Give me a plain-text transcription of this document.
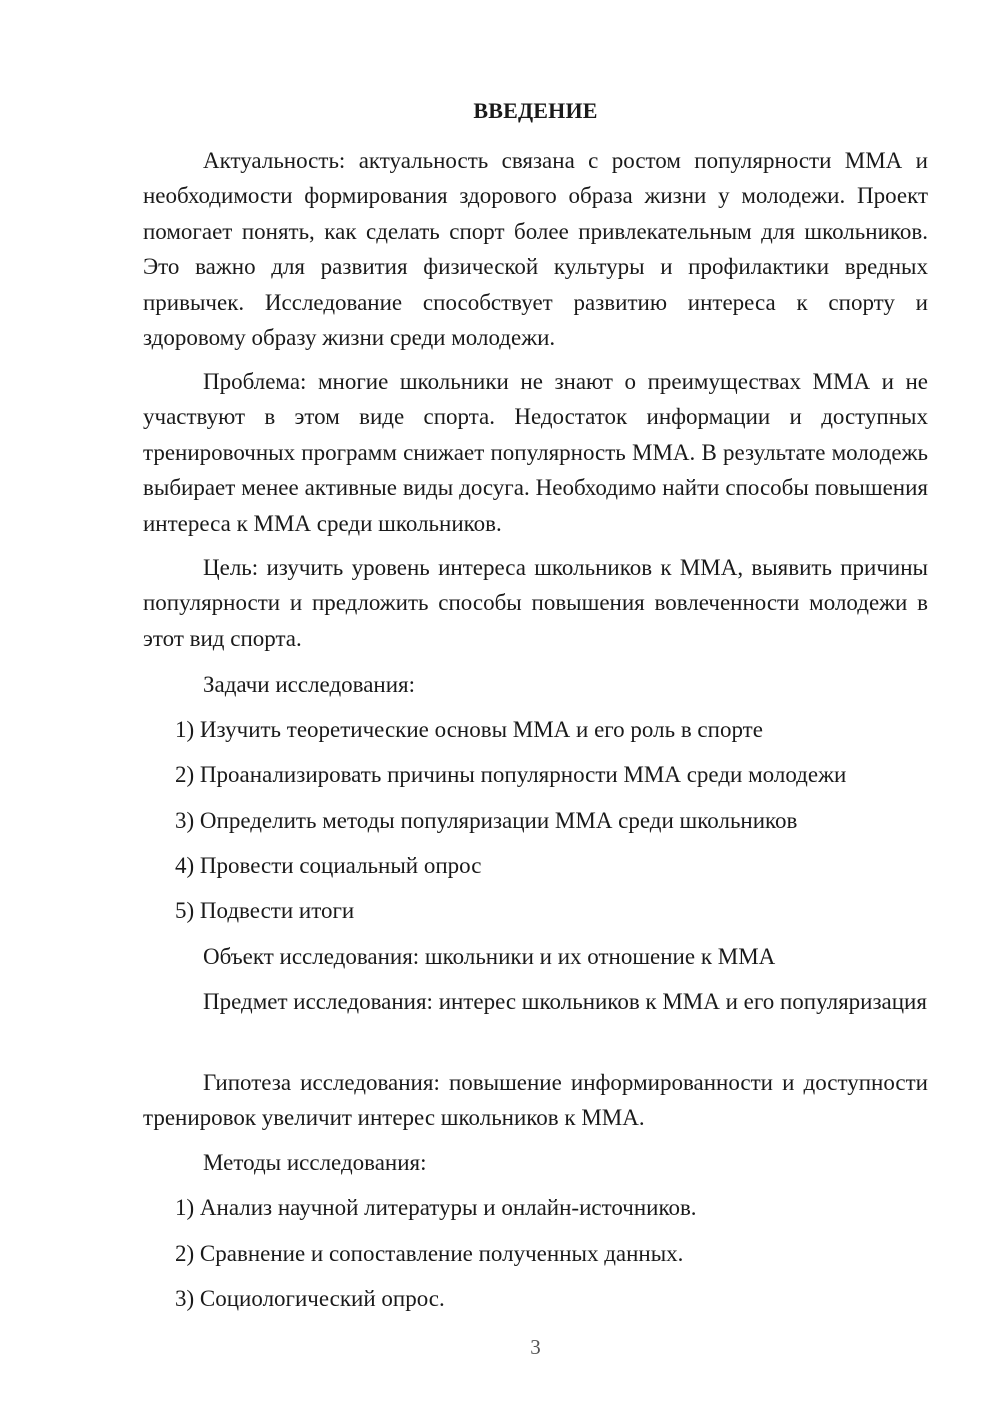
ВВЕДЕНИЕ

Актуальность: актуальность связана с ростом популярности ММА и необходимости формирования здорового образа жизни у молодежи. Проект помогает понять, как сделать спорт более привлекательным для школьников. Это важно для развития физической культуры и профилактики вредных привычек. Исследование способствует развитию интереса к спорту и здоровому образу жизни среди молодежи.

Проблема: многие школьники не знают о преимуществах ММА и не участвуют в этом виде спорта. Недостаток информации и доступных тренировочных программ снижает популярность ММА. В результате молодежь выбирает менее активные виды досуга. Необходимо найти способы повышения интереса к ММА среди школьников.

Цель: изучить уровень интереса школьников к ММА, выявить причины популярности и предложить способы повышения вовлеченности молодежи в этот вид спорта.

Задачи исследования:
1) Изучить теоретические основы ММА и его роль в спорте
2) Проанализировать причины популярности ММА среди молодежи
3) Определить методы популяризации ММА среди школьников
4) Провести социальный опрос
5) Подвести итоги
Объект исследования: школьники и их отношение к ММА

Предмет исследования: интерес школьников к ММА и его популяризация

Гипотеза исследования: повышение информированности и доступности тренировок увеличит интерес школьников к ММА.

Методы исследования:
1) Анализ научной литературы и онлайн-источников.
2) Сравнение и сопоставление полученных данных.
3) Социологический опрос.
3
